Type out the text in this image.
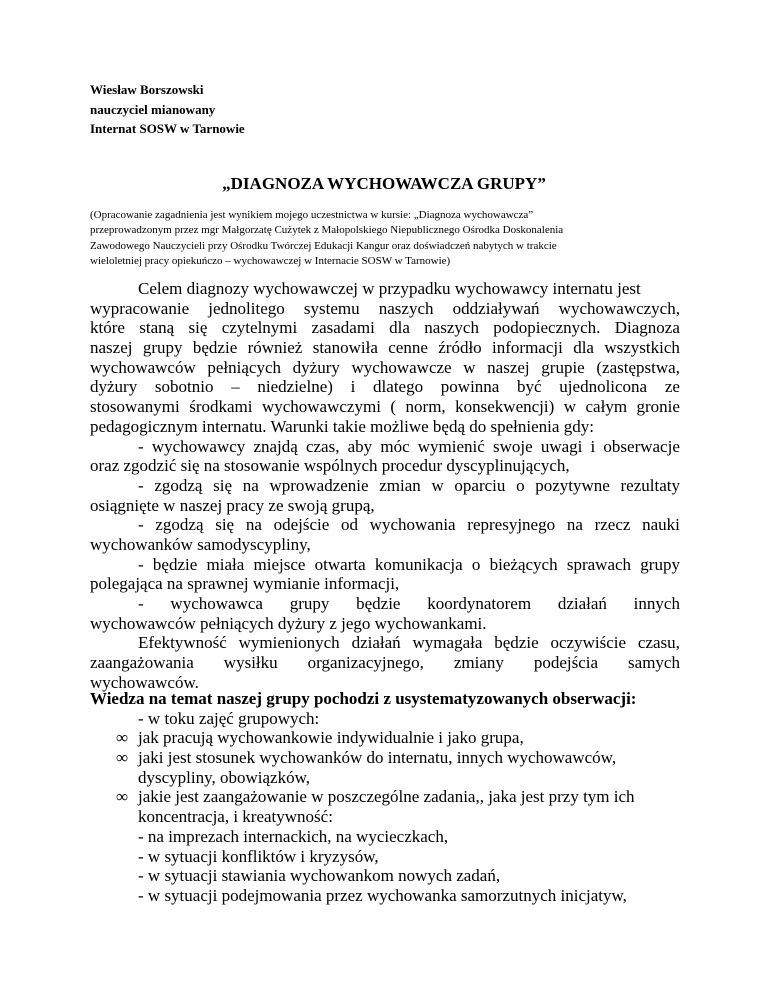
Wiesław Borszowski
nauczyciel mianowany
Internat SOSW w Tarnowie
„DIAGNOZA WYCHOWAWCZA GRUPY”
(Opracowanie zagadnienia jest wynikiem mojego uczestnictwa w kursie: „Diagnoza wychowawcza”
przeprowadzonym przez mgr Małgorzatę Cużytek z Małopolskiego Niepublicznego Ośrodka Doskonalenia
Zawodowego Nauczycieli przy Ośrodku Twórczej Edukacji Kangur oraz doświadczeń nabytych w trakcie
wieloletniej pracy opiekuńczo – wychowawczej w Internacie SOSW w Tarnowie)
Celem diagnozy wychowawczej w przypadku wychowawcy internatu jest
wypracowanie jednolitego systemu naszych oddziaływań wychowawczych,
które staną się czytelnymi zasadami dla naszych podopiecznych. Diagnoza
naszej grupy będzie również stanowiła cenne źródło informacji dla wszystkich
wychowawców pełniących dyżury wychowawcze w naszej grupie (zastępstwa,
dyżury sobotnio – niedzielne) i dlatego powinna być ujednolicona ze
stosowanymi środkami wychowawczymi ( norm, konsekwencji) w całym gronie
pedagogicznym internatu. Warunki takie możliwe będą do spełnienia gdy:
- wychowawcy znajdą czas, aby móc wymienić swoje uwagi i obserwacje
oraz zgodzić się na stosowanie wspólnych procedur dyscyplinujących,
- zgodzą się na wprowadzenie zmian w oparciu o pozytywne rezultaty
osiągnięte w naszej pracy ze swoją grupą,
- zgodzą się na odejście od wychowania represyjnego na rzecz nauki
wychowanków samodyscypliny,
- będzie miała miejsce otwarta komunikacja o bieżących sprawach grupy
polegająca na sprawnej wymianie informacji,
- wychowawca grupy będzie koordynatorem działań innych
wychowawców pełniących dyżury z jego wychowankami.
Efektywność wymienionych działań wymagała będzie oczywiście czasu,
zaangażowania wysiłku organizacyjnego, zmiany podejścia samych
wychowawców.
Wiedza na temat naszej grupy pochodzi z usystematyzowanych obserwacji:
- w toku zajęć grupowych:
∞ jak pracują wychowankowie indywidualnie i jako grupa,
∞ jaki jest stosunek wychowanków do internatu, innych wychowawców,
dyscypliny, obowiązków,
∞ jakie jest zaangażowanie w poszczególne zadania,, jaka jest przy tym ich
koncentracja, i kreatywność:
- na imprezach internackich, na wycieczkach,
- w sytuacji konfliktów i kryzysów,
- w sytuacji stawiania wychowankom nowych zadań,
- w sytuacji podejmowania przez wychowanka samorzutnych inicjatyw,
